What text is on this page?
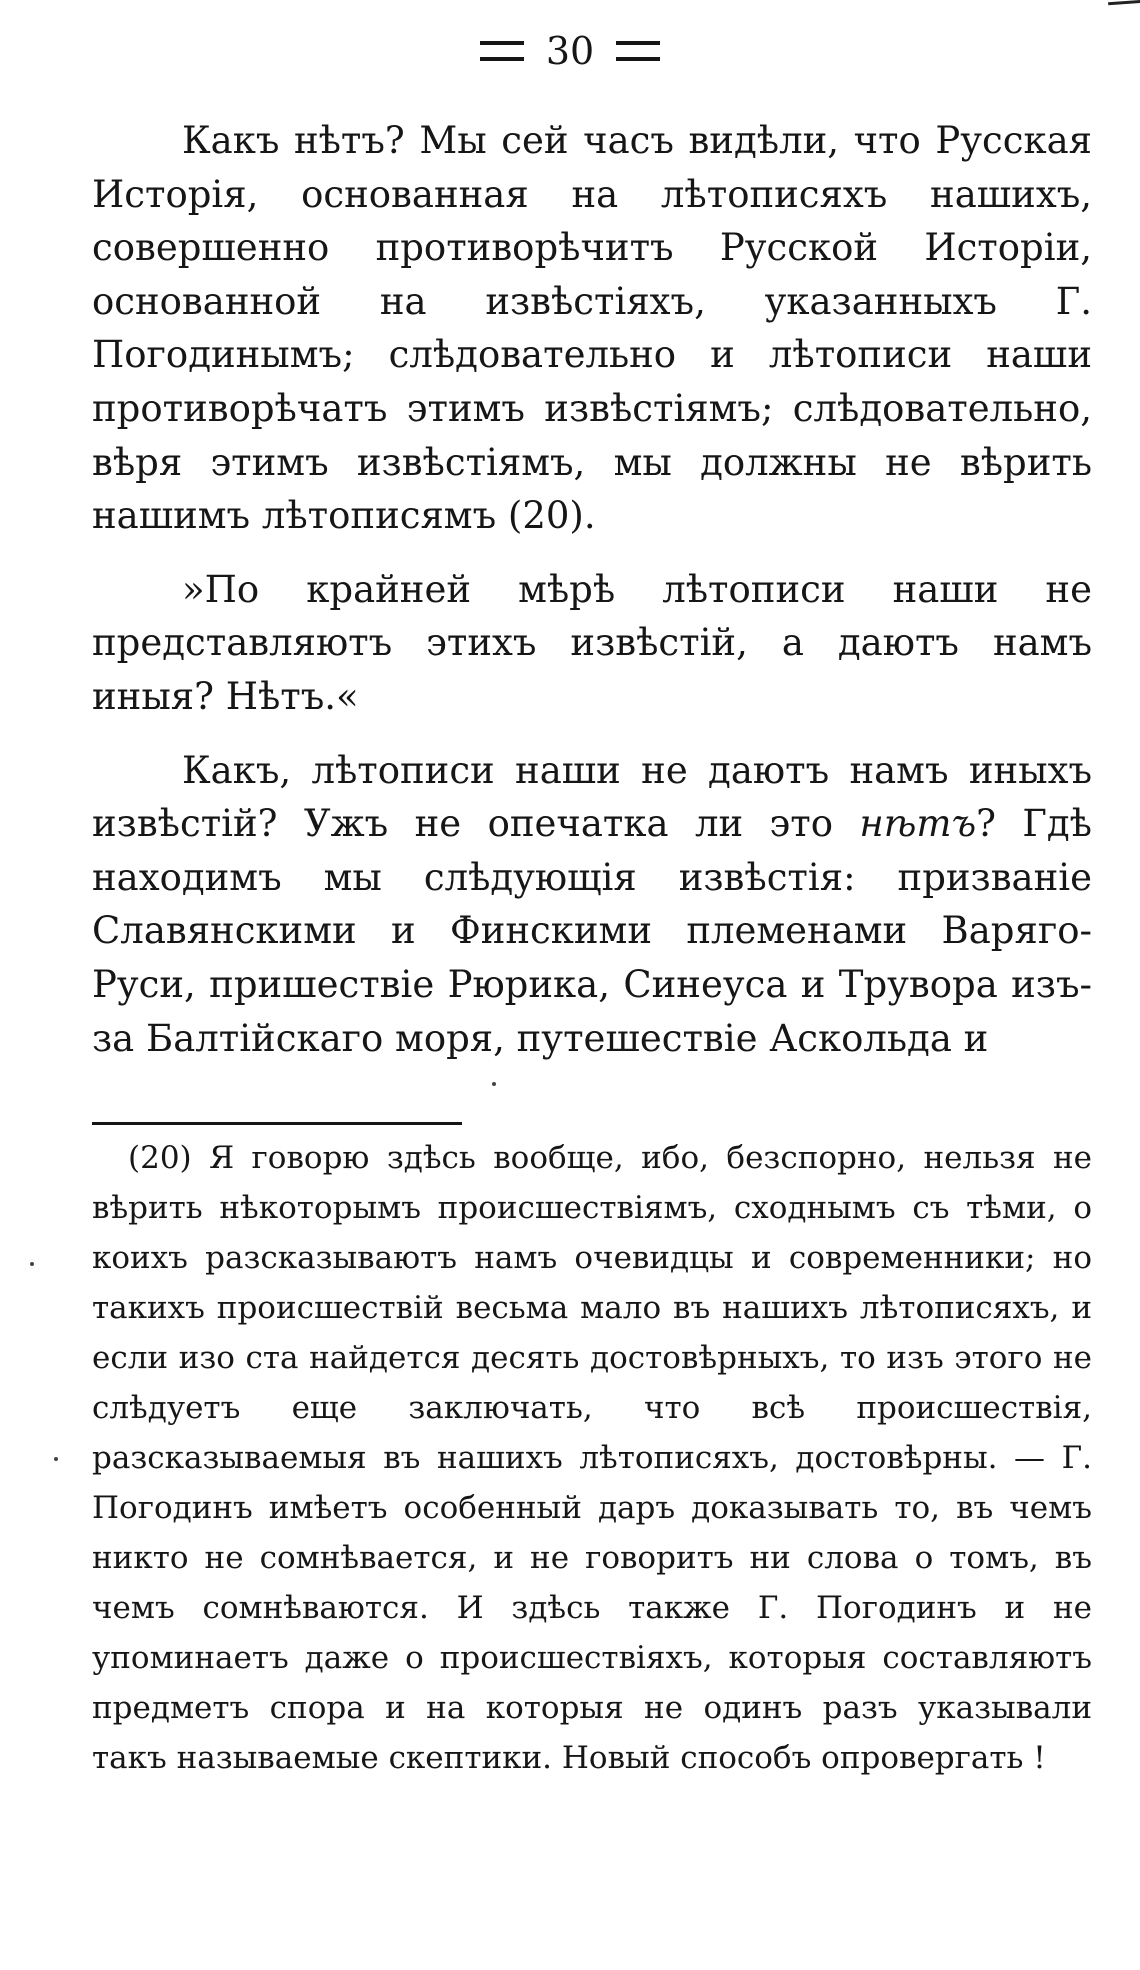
30

Какъ нѣтъ? Мы сей часъ видѣли, что Русская Исторія, основанная на лѣтописяхъ нашихъ, совершенно противорѣчитъ Русской Исторіи, основанной на извѣстіяхъ, указанныхъ Г. Погодинымъ; слѣдовательно и лѣтописи наши противорѣчатъ этимъ извѣстіямъ; слѣдовательно, вѣря этимъ извѣстіямъ, мы должны не вѣрить нашимъ лѣтописямъ (20).

»По крайней мѣрѣ лѣтописи наши не представляютъ этихъ извѣстій, а даютъ намъ иныя? Нѣтъ.«

Какъ, лѣтописи наши не даютъ намъ иныхъ извѣстій? Ужъ не опечатка ли это нѣтъ? Гдѣ находимъ мы слѣдующія извѣстія: призваніе Славянскими и Финскими племенами Варяго-Руси, пришествіе Рюрика, Синеуса и Трувора изъ-за Балтійскаго моря, путешествіе Аскольда и

(20) Я говорю здѣсь вообще, ибо, безспорно, нельзя не вѣрить нѣкоторымъ происшествіямъ, сходнымъ съ тѣми, о коихъ разсказываютъ намъ очевидцы и современники; но такихъ происшествій весьма мало въ нашихъ лѣтописяхъ, и если изо ста найдется десять достовѣрныхъ, то изъ этого не слѣдуетъ еще заключать, что всѣ происшествія, разсказываемыя въ нашихъ лѣтописяхъ, достовѣрны. — Г. Погодинъ имѣетъ особенный даръ доказывать то, въ чемъ никто не сомнѣвается, и не говоритъ ни слова о томъ, въ чемъ сомнѣваются. И здѣсь также Г. Погодинъ и не упоминаетъ даже о происшествіяхъ, которыя составляютъ предметъ спора и на которыя не одинъ разъ указывали такъ называемые скептики. Новый способъ опровергать !
